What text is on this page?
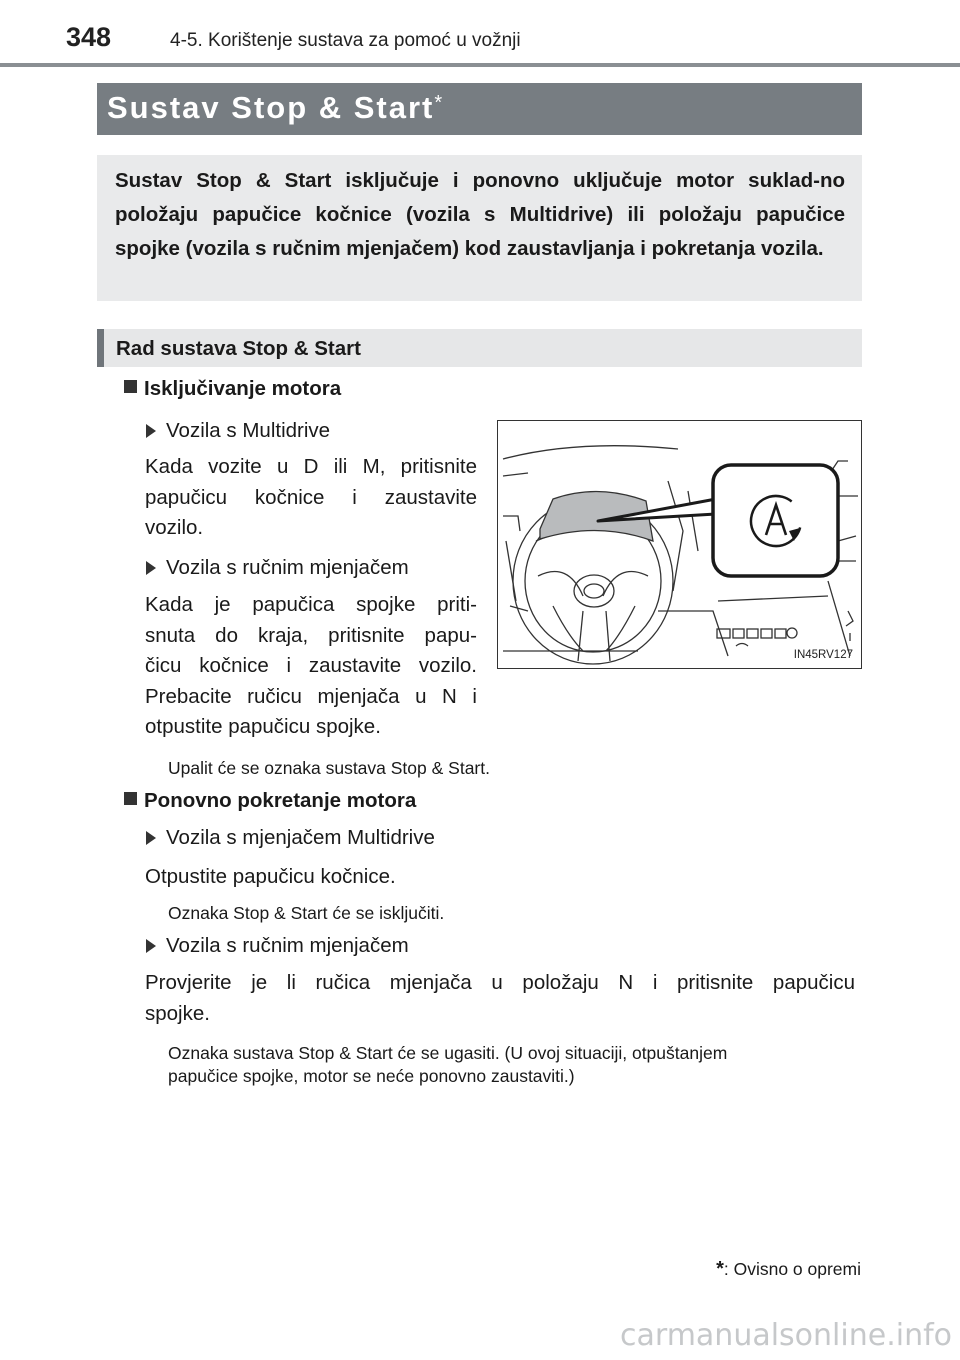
348	4-5. Korištenje sustava za pomoć u vožnji
Sustav Stop & Start*
Sustav Stop & Start isključuje i ponovno uključuje motor suklad-no položaju papučice kočnice (vozila s Multidrive) ili položaju papučice spojke (vozila s ručnim mjenjačem) kod zaustavljanja i pokretanja vozila.
Rad sustava Stop & Start
Isključivanje motora
Vozila s Multidrive
Kada vozite u D ili M, pritisnite
papučicu kočnice i zaustavite
vozilo.
Vozila s ručnim mjenjačem
Kada je papučica spojke priti-
snuta do kraja, pritisnite papu-
čicu kočnice i zaustavite vozilo.
Prebacite ručicu mjenjača u N i
otpustite papučicu spojke.
Upalit će se oznaka sustava Stop & Start.
IN45RV127
Ponovno pokretanje motora
Vozila s mjenjačem Multidrive
Otpustite papučicu kočnice.
Oznaka Stop & Start će se isključiti.
Vozila s ručnim mjenjačem
Provjerite je li ručica mjenjača u položaju N i pritisnite papučicu
spojke.
Oznaka sustava Stop & Start će se ugasiti. (U ovoj situaciji, otpuštanjem
papučice spojke, motor se neće ponovno zaustaviti.)
*: Ovisno o opremi
carmanualsonline.info
